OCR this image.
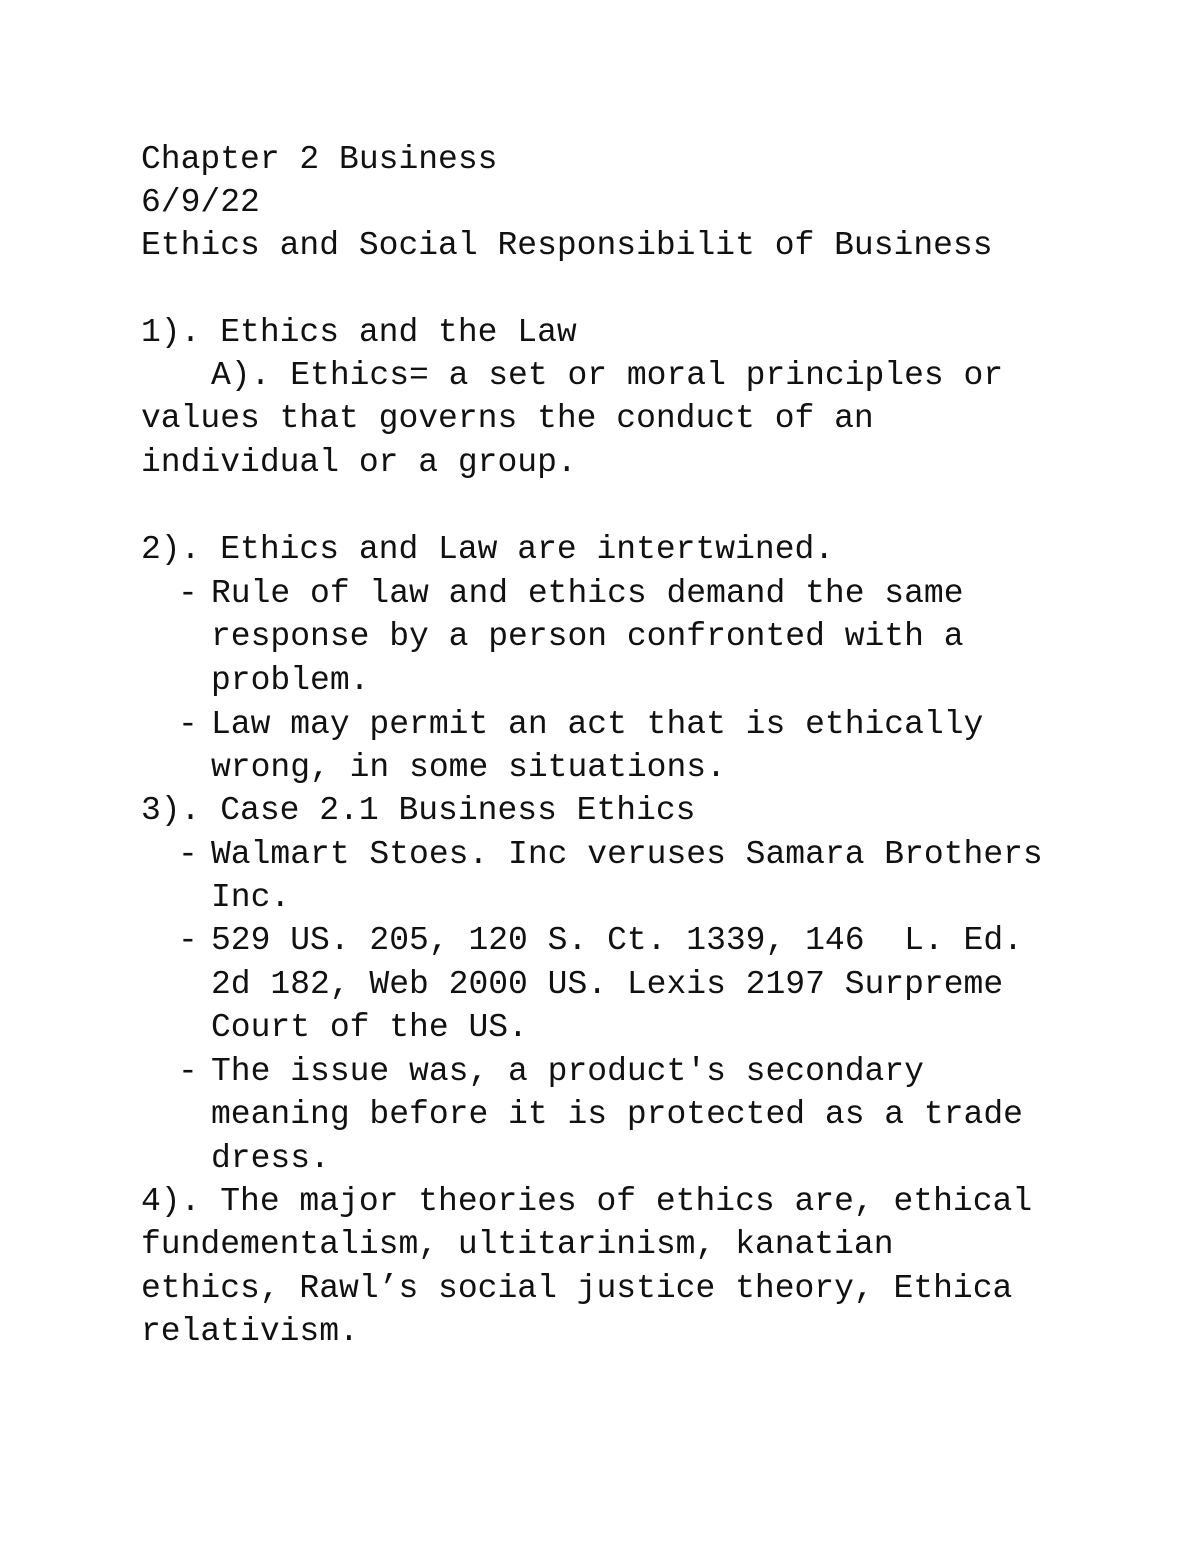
Chapter 2 Business
6/9/22
Ethics and Social Responsibilit of Business
1). Ethics and the Law
A). Ethics= a set or moral principles or
values that governs the conduct of an
individual or a group.
2). Ethics and Law are intertwined.
- Rule of law and ethics demand the same
response by a person confronted with a
problem.
- Law may permit an act that is ethically
wrong, in some situations.
3). Case 2.1 Business Ethics
- Walmart Stoes. Inc veruses Samara Brothers
Inc.
- 529 US. 205, 120 S. Ct. 1339, 146  L. Ed.
2d 182, Web 2000 US. Lexis 2197 Surpreme
Court of the US.
- The issue was, a product's secondary
meaning before it is protected as a trade
dress.
4). The major theories of ethics are, ethical
fundementalism, ultitarinism, kanatian
ethics, Rawl’s social justice theory, Ethica
relativism.
